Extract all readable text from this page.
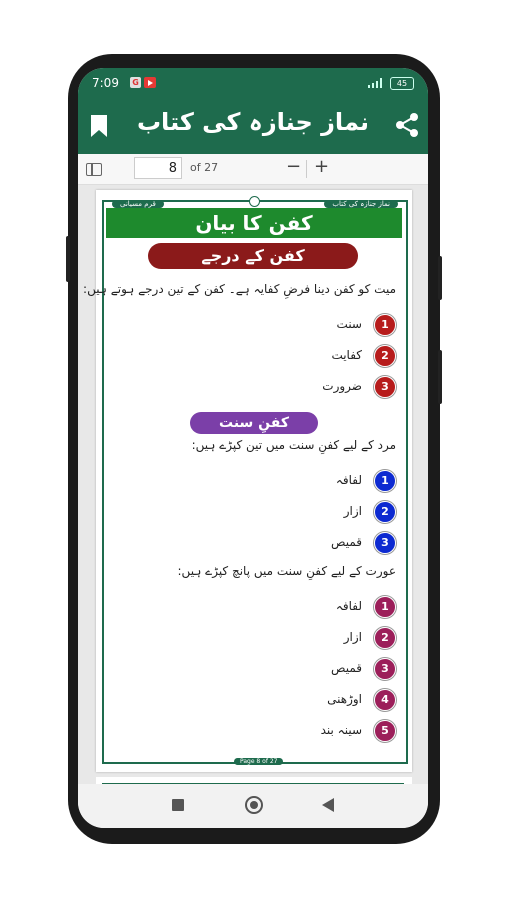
7:09 G	45
نماز جنازہ کی کتاب
8	of 27	− +
قرم مسیانی	نماز جنازہ کی کتاب
کفن کا بیان
کفن کے درجے
میت کو کفن دینا فرضِ کفایہ ہے۔ کفن کے تین درجے ہوتے ہیں:
1
سنت
2
کفایت
3
ضرورت
کفنِ سنت
مرد کے لیے کفنِ سنت میں تین کپڑے ہیں:
1
لفافہ
2
ازار
3
قمیص
عورت کے لیے کفنِ سنت میں پانچ کپڑے ہیں:
1
لفافہ
2
ازار
3
قمیص
4
اوڑھنی
5
سینہ بند
Page 8 of 27
